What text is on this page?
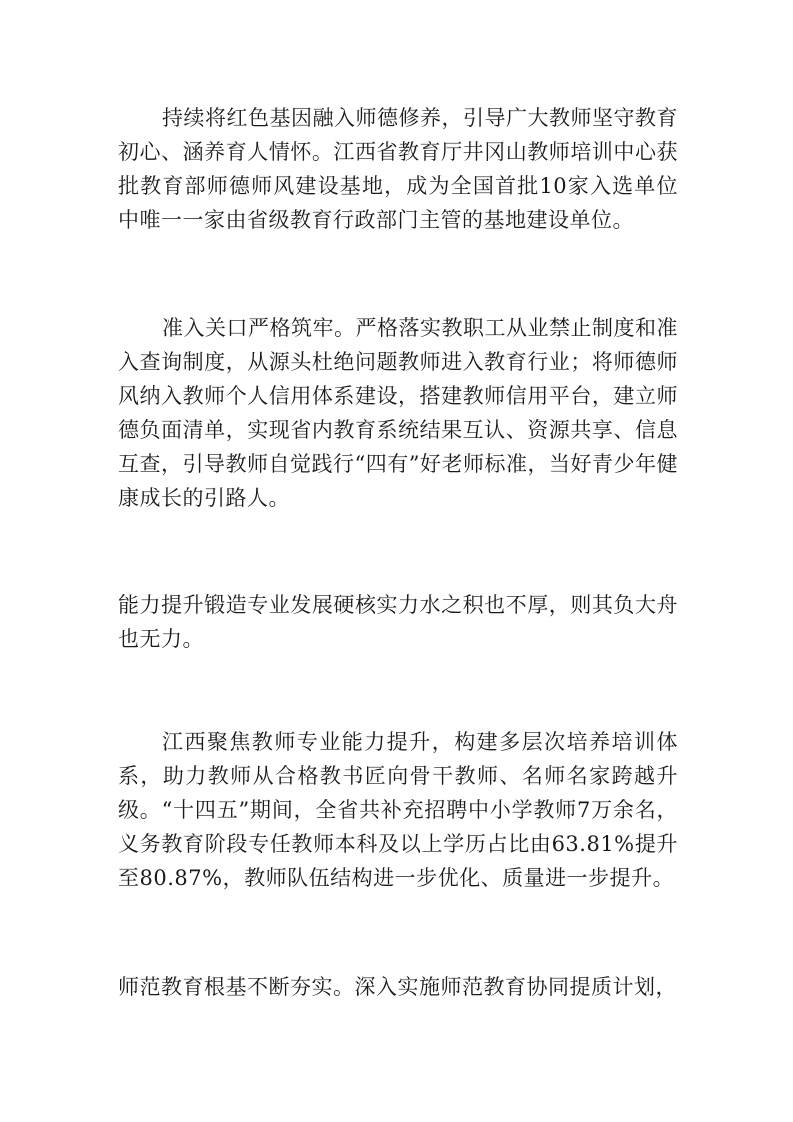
持续将红色基因融入师德修养，引导广大教师坚守教育初心、涵养育人情怀。江西省教育厅井冈山教师培训中心获批教育部师德师风建设基地，成为全国首批10家入选单位中唯一一家由省级教育行政部门主管的基地建设单位。

准入关口严格筑牢。严格落实教职工从业禁止制度和准入查询制度，从源头杜绝问题教师进入教育行业；将师德师风纳入教师个人信用体系建设，搭建教师信用平台，建立师德负面清单，实现省内教育系统结果互认、资源共享、信息互查，引导教师自觉践行“四有”好老师标准，当好青少年健康成长的引路人。

能力提升锻造专业发展硬核实力水之积也不厚，则其负大舟也无力。

江西聚焦教师专业能力提升，构建多层次培养培训体系，助力教师从合格教书匠向骨干教师、名师名家跨越升级。“十四五”期间，全省共补充招聘中小学教师7万余名，义务教育阶段专任教师本科及以上学历占比由63.81%提升至80.87%，教师队伍结构进一步优化、质量进一步提升。

师范教育根基不断夯实。深入实施师范教育协同提质计划，
